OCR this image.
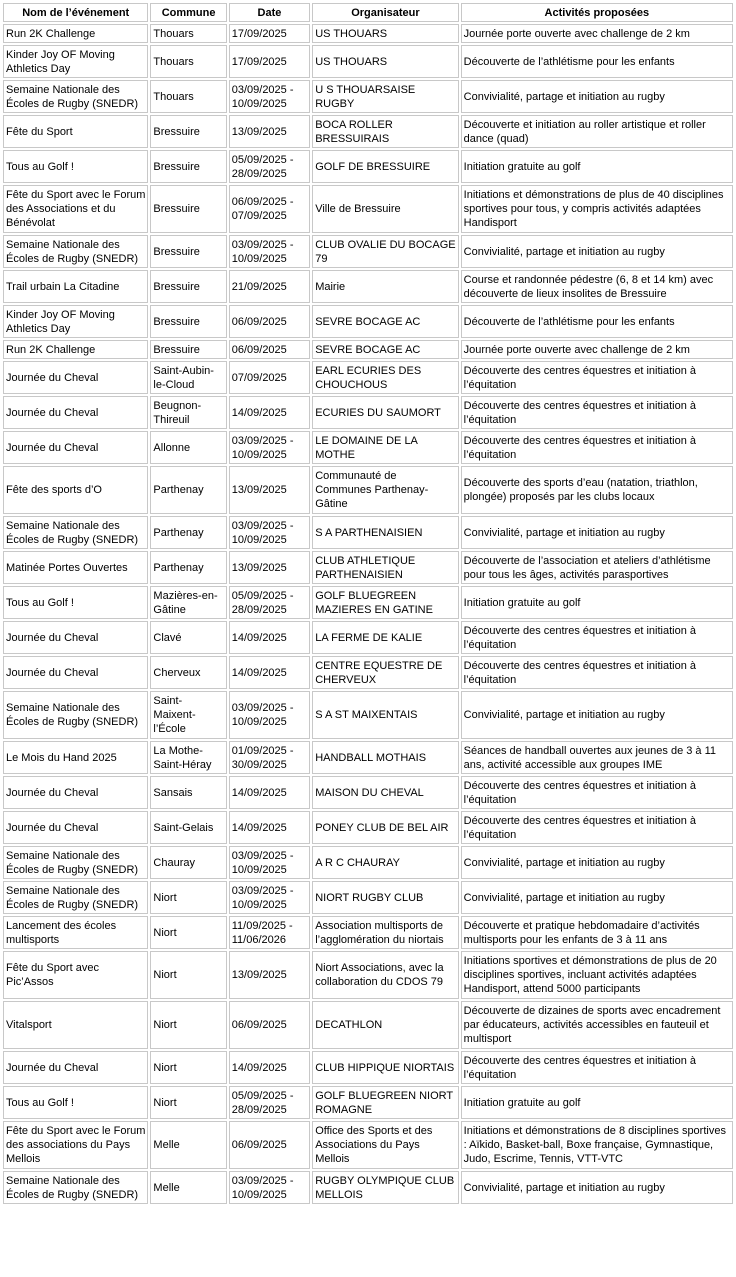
Nom de l’événement	Commune	Date	Organisateur	Activités proposées
Run 2K Challenge	Thouars	17/09/2025	US THOUARS	Journée porte ouverte avec challenge de 2 km
Kinder Joy OF Moving Athletics Day	Thouars	17/09/2025	US THOUARS	Découverte de l’athlétisme pour les enfants
Semaine Nationale des Écoles de Rugby (SNEDR)	Thouars	03/09/2025 - 10/09/2025	U S THOUARSAISE RUGBY	Convivialité, partage et initiation au rugby
Fête du Sport	Bressuire	13/09/2025	BOCA ROLLER BRESSUIRAIS	Découverte et initiation au roller artistique et roller dance (quad)
Tous au Golf !	Bressuire	05/09/2025 - 28/09/2025	GOLF DE BRESSUIRE	Initiation gratuite au golf
Fête du Sport avec le Forum des Associations et du Bénévolat	Bressuire	06/09/2025 - 07/09/2025	Ville de Bressuire	Initiations et démonstrations de plus de 40 disciplines sportives pour tous, y compris activités adaptées Handisport
Semaine Nationale des Écoles de Rugby (SNEDR)	Bressuire	03/09/2025 - 10/09/2025	CLUB OVALIE DU BOCAGE 79	Convivialité, partage et initiation au rugby
Trail urbain La Citadine	Bressuire	21/09/2025	Mairie	Course et randonnée pédestre (6, 8 et 14 km) avec découverte de lieux insolites de Bressuire
Kinder Joy OF Moving Athletics Day	Bressuire	06/09/2025	SEVRE BOCAGE AC	Découverte de l’athlétisme pour les enfants
Run 2K Challenge	Bressuire	06/09/2025	SEVRE BOCAGE AC	Journée porte ouverte avec challenge de 2 km
Journée du Cheval	Saint-Aubin-le-Cloud	07/09/2025	EARL ECURIES DES CHOUCHOUS	Découverte des centres équestres et initiation à l’équitation
Journée du Cheval	Beugnon-Thireuil	14/09/2025	ECURIES DU SAUMORT	Découverte des centres équestres et initiation à l’équitation
Journée du Cheval	Allonne	03/09/2025 - 10/09/2025	LE DOMAINE DE LA MOTHE	Découverte des centres équestres et initiation à l’équitation
Fête des sports d’O	Parthenay	13/09/2025	Communauté de Communes Parthenay-Gâtine	Découverte des sports d’eau (natation, triathlon, plongée) proposés par les clubs locaux
Semaine Nationale des Écoles de Rugby (SNEDR)	Parthenay	03/09/2025 - 10/09/2025	S A PARTHENAISIEN	Convivialité, partage et initiation au rugby
Matinée Portes Ouvertes	Parthenay	13/09/2025	CLUB ATHLETIQUE PARTHENAISIEN	Découverte de l’association et ateliers d’athlétisme pour tous les âges, activités parasportives
Tous au Golf !	Mazières-en-Gâtine	05/09/2025 - 28/09/2025	GOLF BLUEGREEN MAZIERES EN GATINE	Initiation gratuite au golf
Journée du Cheval	Clavé	14/09/2025	LA FERME DE KALIE	Découverte des centres équestres et initiation à l’équitation
Journée du Cheval	Cherveux	14/09/2025	CENTRE EQUESTRE DE CHERVEUX	Découverte des centres équestres et initiation à l’équitation
Semaine Nationale des Écoles de Rugby (SNEDR)	Saint-Maixent-l’École	03/09/2025 - 10/09/2025	S A ST MAIXENTAIS	Convivialité, partage et initiation au rugby
Le Mois du Hand 2025	La Mothe-Saint-Héray	01/09/2025 - 30/09/2025	HANDBALL MOTHAIS	Séances de handball ouvertes aux jeunes de 3 à 11 ans, activité accessible aux groupes IME
Journée du Cheval	Sansais	14/09/2025	MAISON DU CHEVAL	Découverte des centres équestres et initiation à l’équitation
Journée du Cheval	Saint-Gelais	14/09/2025	PONEY CLUB DE BEL AIR	Découverte des centres équestres et initiation à l’équitation
Semaine Nationale des Écoles de Rugby (SNEDR)	Chauray	03/09/2025 - 10/09/2025	A R C CHAURAY	Convivialité, partage et initiation au rugby
Semaine Nationale des Écoles de Rugby (SNEDR)	Niort	03/09/2025 - 10/09/2025	NIORT RUGBY CLUB	Convivialité, partage et initiation au rugby
Lancement des écoles multisports	Niort	11/09/2025 - 11/06/2026	Association multisports de l’agglomération du niortais	Découverte et pratique hebdomadaire d’activités multisports pour les enfants de 3 à 11 ans
Fête du Sport avec Pic’Assos	Niort	13/09/2025	Niort Associations, avec la collaboration du CDOS 79	Initiations sportives et démonstrations de plus de 20 disciplines sportives, incluant activités adaptées Handisport, attend 5000 participants
Vitalsport	Niort	06/09/2025	DECATHLON	Découverte de dizaines de sports avec encadrement par éducateurs, activités accessibles en fauteuil et multisport
Journée du Cheval	Niort	14/09/2025	CLUB HIPPIQUE NIORTAIS	Découverte des centres équestres et initiation à l’équitation
Tous au Golf !	Niort	05/09/2025 - 28/09/2025	GOLF BLUEGREEN NIORT ROMAGNE	Initiation gratuite au golf
Fête du Sport avec le Forum des associations du Pays Mellois	Melle	06/09/2025	Office des Sports et des Associations du Pays Mellois	Initiations et démonstrations de 8 disciplines sportives : Aïkido, Basket-ball, Boxe française, Gymnastique, Judo, Escrime, Tennis, VTT-VTC
Semaine Nationale des Écoles de Rugby (SNEDR)	Melle	03/09/2025 - 10/09/2025	RUGBY OLYMPIQUE CLUB MELLOIS	Convivialité, partage et initiation au rugby
